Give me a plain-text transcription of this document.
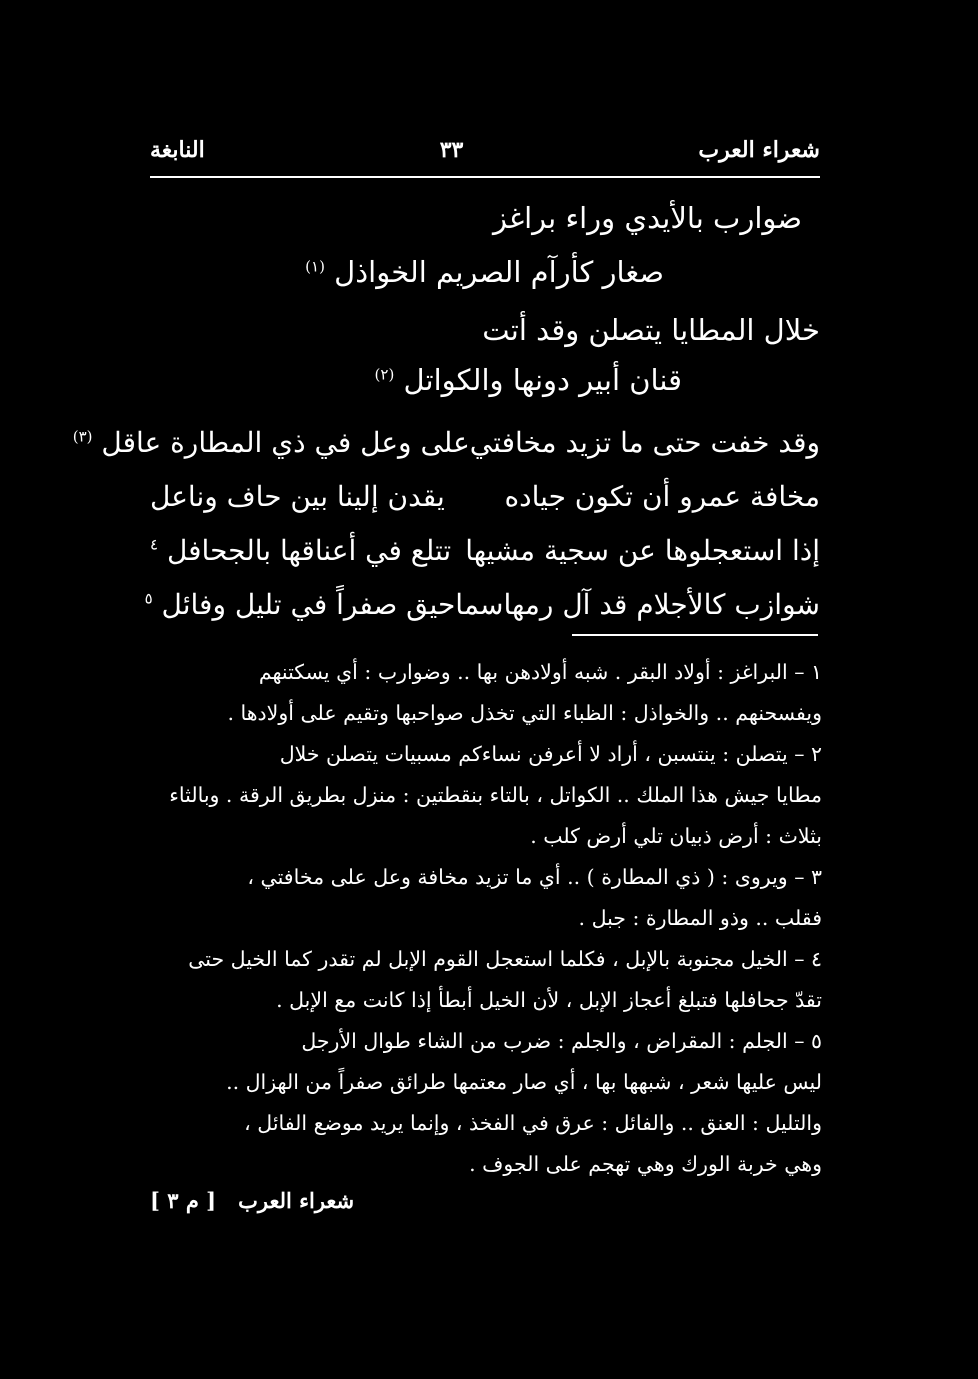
شعراء العرب
٣٣
النابغة
ضوارب بالأيدي وراء براغز
صغار كأرآم الصريم الخواذل $^{(١)}$
خلال المطايا يتصلن وقد أتت
قنان أبير دونها والكواتل $^{(٢)}$
وقد خفت حتى ما تزيد مخافتي
على وعل في ذي المطارة عاقل $^{(٣)}$
مخافة عمرو أن تكون جياده
يقدن إلينا بين حاف وناعل
إذا استعجلوها عن سجية مشيها
تتلع في أعناقها بالجحافل $^٤$
شوازب كالأجلام قد آل رمها
سماحيق صفراً في تليل وفائل $^٥$
١ – البراغز : أولاد البقر . شبه أولادهن بها .. وضوارب : أي يسكتنهم
ويفسحنهم .. والخواذل : الظباء التي تخذل صواحبها وتقيم على أولادها .
٢ – يتصلن : ينتسبن ، أراد لا أعرفن نساءكم مسبيات يتصلن خلال
مطايا جيش هذا الملك .. الكواتل ، بالتاء بنقطتين : منزل بطريق الرقة . وبالثاء
بثلاث : أرض ذبيان تلي أرض كلب .
٣ – ويروى : ( ذي المطارة ) .. أي ما تزيد مخافة وعل على مخافتي ،
فقلب .. وذو المطارة : جبل .
٤ – الخيل مجنوبة بالإبل ، فكلما استعجل القوم الإبل لم تقدر كما الخيل حتى
تقدّ جحافلها فتبلغ أعجاز الإبل ، لأن الخيل أبطأ إذا كانت مع الإبل .
٥ – الجلم : المقراض ، والجلم : ضرب من الشاء طوال الأرجل
ليس عليها شعر ، شبهها بها ، أي صار معتمها طرائق صفراً من الهزال ..
والتليل : العنق .. والفائل : عرق في الفخذ ، وإنما يريد موضع الفائل ،
وهي خربة الورك وهي تهجم على الجوف .
شعراء العرب
[ م ٣ ]
